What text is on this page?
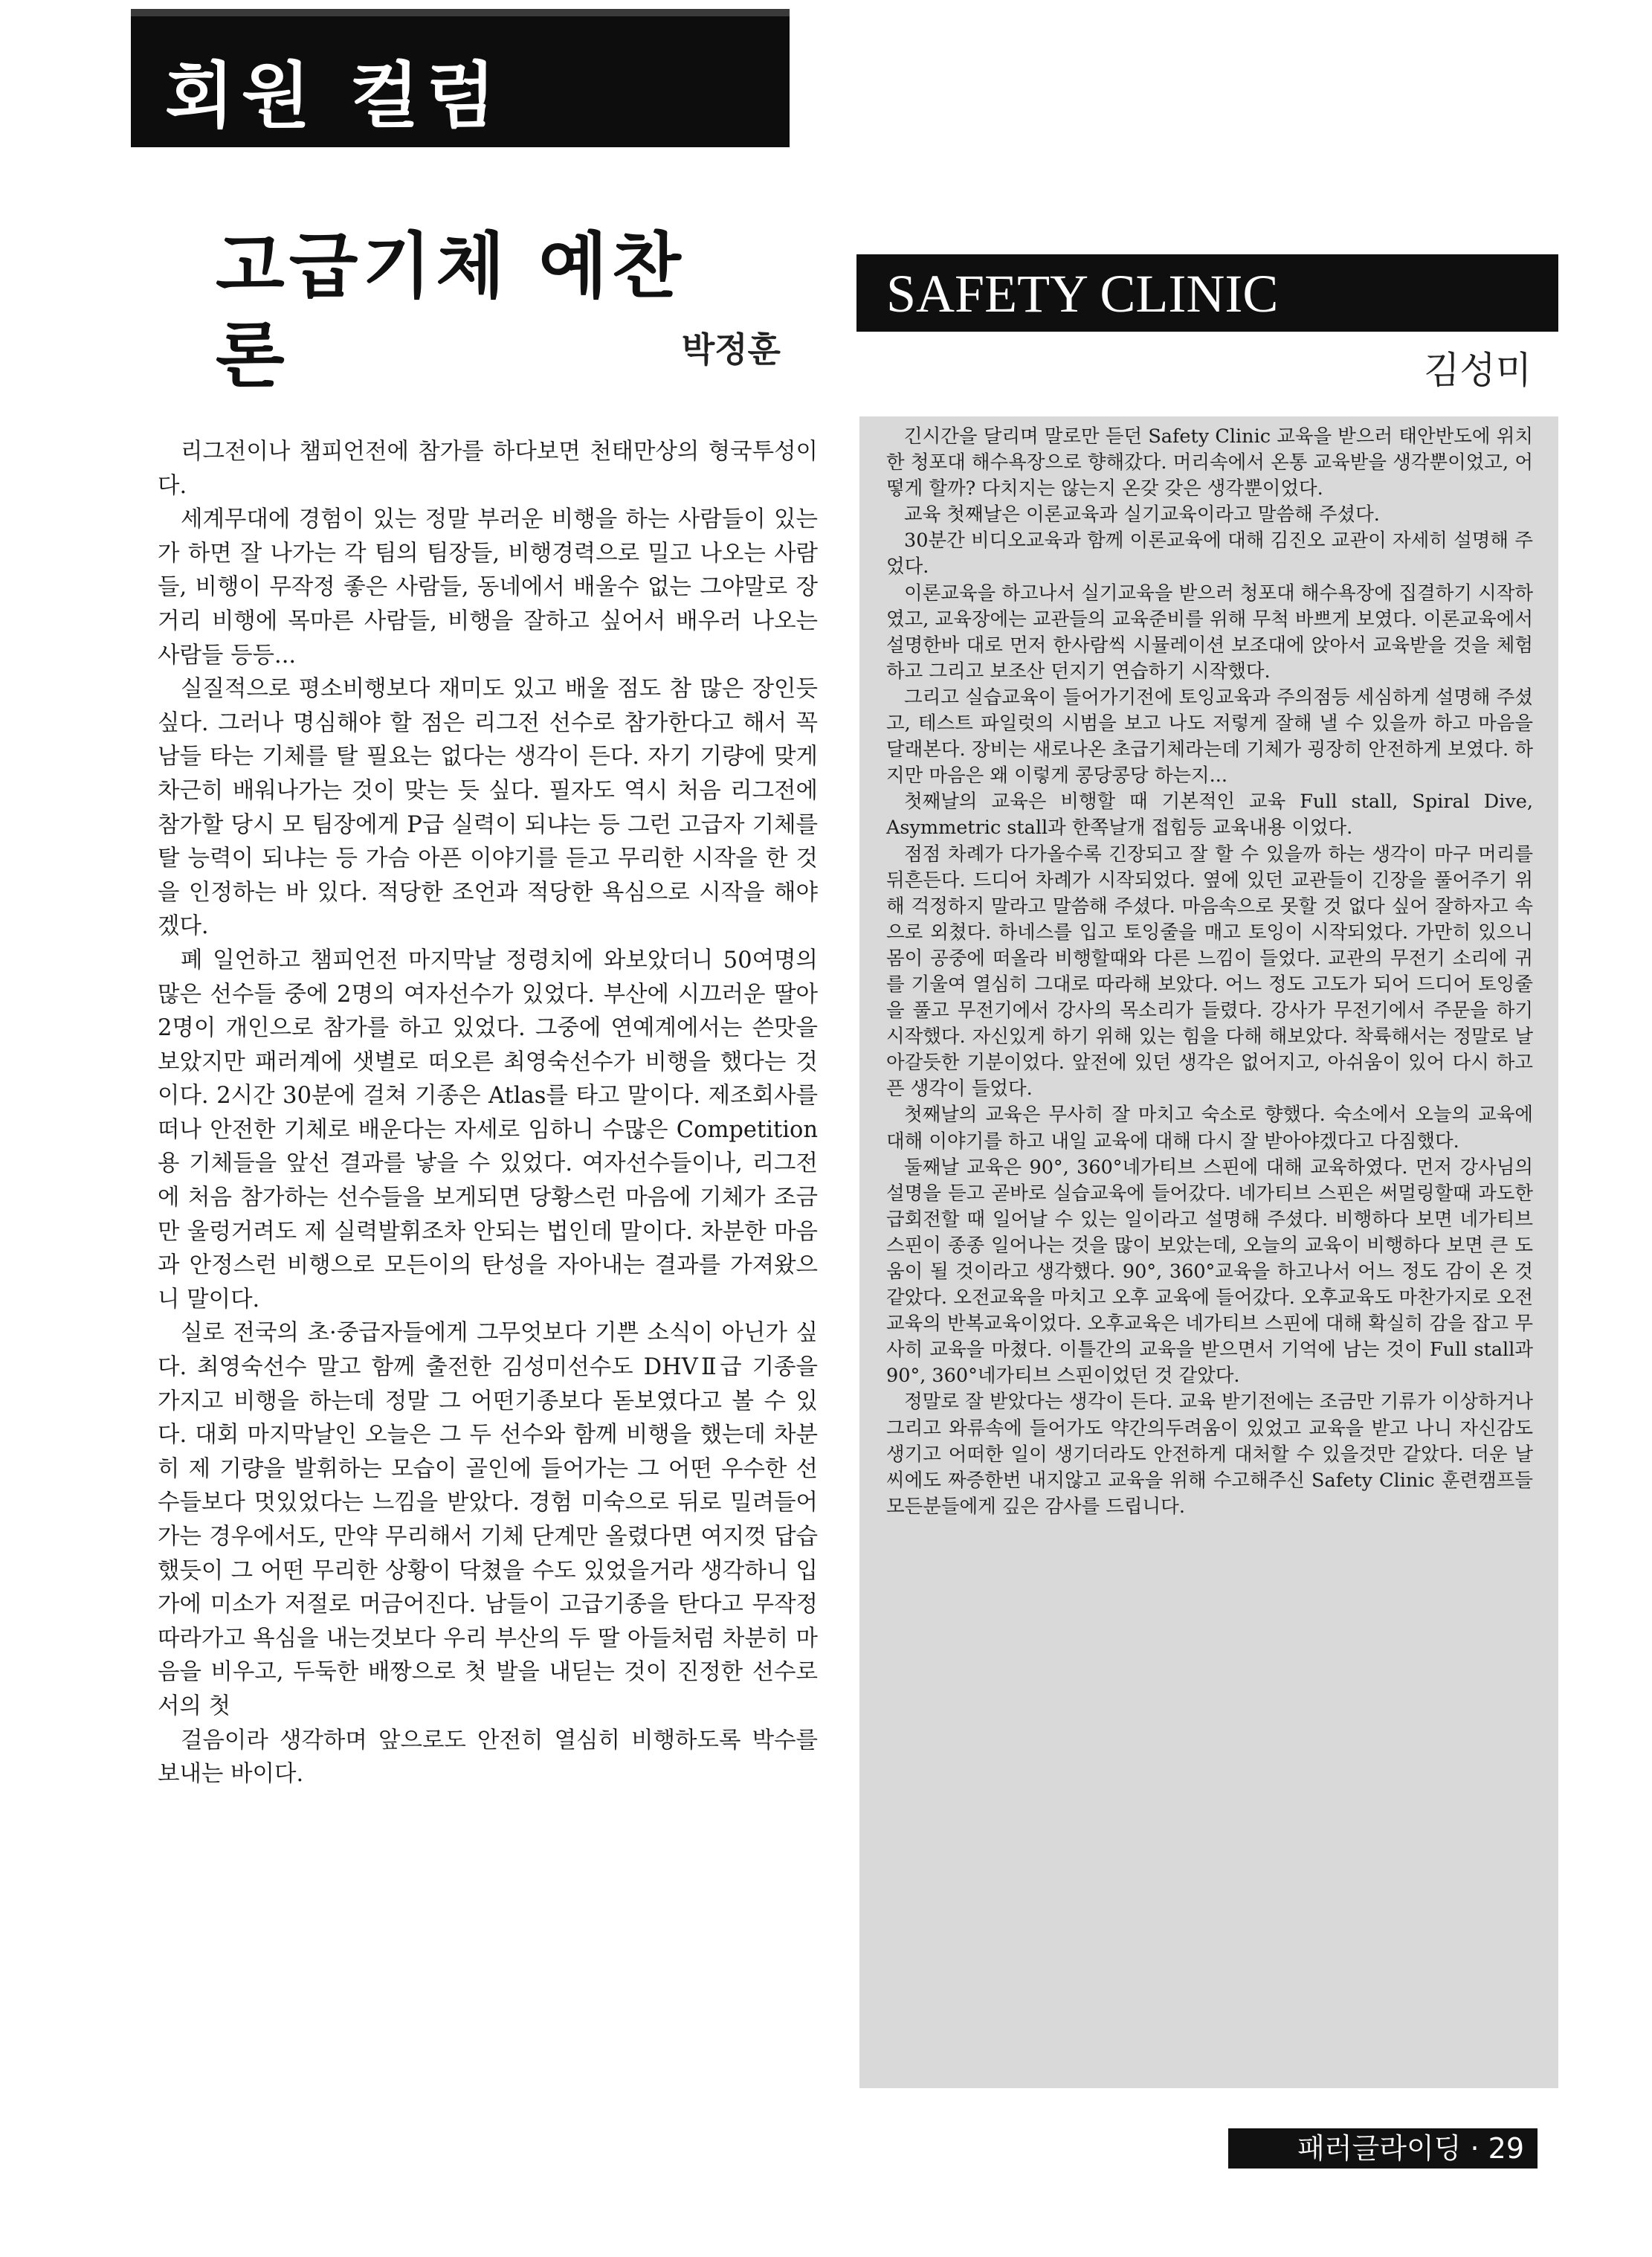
회원 컬럼
고급기체 예찬론	박정훈

리그전이나 챔피언전에 참가를 하다보면 천태만상의 형국투성이다.

세계무대에 경험이 있는 정말 부러운 비행을 하는 사람들이 있는가 하면 잘 나가는 각 팀의 팀장들, 비행경력으로 밀고 나오는 사람들, 비행이 무작정 좋은 사람들, 동네에서 배울수 없는 그야말로 장거리 비행에 목마른 사람들, 비행을 잘하고 싶어서 배우러 나오는 사람들 등등...

실질적으로 평소비행보다 재미도 있고 배울 점도 참 많은 장인듯 싶다. 그러나 명심해야 할 점은 리그전 선수로 참가한다고 해서 꼭 남들 타는 기체를 탈 필요는 없다는 생각이 든다. 자기 기량에 맞게 차근히 배워나가는 것이 맞는 듯 싶다. 필자도 역시 처음 리그전에 참가할 당시 모 팀장에게 P급 실력이 되냐는 등 그런 고급자 기체를 탈 능력이 되냐는 등 가슴 아픈 이야기를 듣고 무리한 시작을 한 것을 인정하는 바 있다. 적당한 조언과 적당한 욕심으로 시작을 해야겠다.

폐 일언하고 챔피언전 마지막날 정령치에 와보았더니 50여명의 많은 선수들 중에 2명의 여자선수가 있었다. 부산에 시끄러운 딸아 2명이 개인으로 참가를 하고 있었다. 그중에 연예계에서는 쓴맛을 보았지만 패러계에 샛별로 떠오른 최영숙선수가 비행을 했다는 것이다. 2시간 30분에 걸쳐 기종은 Atlas를 타고 말이다. 제조회사를 떠나 안전한 기체로 배운다는 자세로 임하니 수많은 Competition용 기체들을 앞선 결과를 낳을 수 있었다. 여자선수들이나, 리그전에 처음 참가하는 선수들을 보게되면 당황스런 마음에 기체가 조금만 울렁거려도 제 실력발휘조차 안되는 법인데 말이다. 차분한 마음과 안정스런 비행으로 모든이의 탄성을 자아내는 결과를 가져왔으니 말이다.

실로 전국의 초·중급자들에게 그무엇보다 기쁜 소식이 아닌가 싶다. 최영숙선수 말고 함께 출전한 김성미선수도 DHVⅡ급 기종을 가지고 비행을 하는데 정말 그 어떤기종보다 돋보였다고 볼 수 있다. 대회 마지막날인 오늘은 그 두 선수와 함께 비행을 했는데 차분히 제 기량을 발휘하는 모습이 골인에 들어가는 그 어떤 우수한 선수들보다 멋있었다는 느낌을 받았다. 경험 미숙으로 뒤로 밀려들어가는 경우에서도, 만약 무리해서 기체 단계만 올렸다면 여지껏 답습했듯이 그 어떤 무리한 상황이 닥쳤을 수도 있었을거라 생각하니 입가에 미소가 저절로 머금어진다. 남들이 고급기종을 탄다고 무작정 따라가고 욕심을 내는것보다 우리 부산의 두 딸 아들처럼 차분히 마음을 비우고, 두둑한 배짱으로 첫 발을 내딛는 것이 진정한 선수로서의 첫

걸음이라 생각하며 앞으로도 안전히 열심히 비행하도록 박수를 보내는 바이다.

SAFETY CLINIC
김성미

긴시간을 달리며 말로만 듣던 Safety Clinic 교육을 받으러 태안반도에 위치한 청포대 해수욕장으로 향해갔다. 머리속에서 온통 교육받을 생각뿐이었고, 어떻게 할까? 다치지는 않는지 온갖 갖은 생각뿐이었다.

교육 첫째날은 이론교육과 실기교육이라고 말씀해 주셨다.

30분간 비디오교육과 함께 이론교육에 대해 김진오 교관이 자세히 설명해 주었다.

이론교육을 하고나서 실기교육을 받으러 청포대 해수욕장에 집결하기 시작하였고, 교육장에는 교관들의 교육준비를 위해 무척 바쁘게 보였다. 이론교육에서 설명한바 대로 먼저 한사람씩 시뮬레이션 보조대에 앉아서 교육받을 것을 체험하고 그리고 보조산 던지기 연습하기 시작했다.

그리고 실습교육이 들어가기전에 토잉교육과 주의점등 세심하게 설명해 주셨고, 테스트 파일럿의 시범을 보고 나도 저렇게 잘해 낼 수 있을까 하고 마음을 달래본다. 장비는 새로나온 초급기체라는데 기체가 굉장히 안전하게 보였다. 하지만 마음은 왜 이렇게 콩당콩당 하는지...

첫째날의 교육은 비행할 때 기본적인 교육 Full stall, Spiral Dive, Asymmetric stall과 한쪽날개 접힘등 교육내용 이었다.

점점 차례가 다가올수록 긴장되고 잘 할 수 있을까 하는 생각이 마구 머리를 뒤흔든다. 드디어 차례가 시작되었다. 옆에 있던 교관들이 긴장을 풀어주기 위해 걱정하지 말라고 말씀해 주셨다. 마음속으로 못할 것 없다 싶어 잘하자고 속으로 외쳤다. 하네스를 입고 토잉줄을 매고 토잉이 시작되었다. 가만히 있으니 몸이 공중에 떠올라 비행할때와 다른 느낌이 들었다. 교관의 무전기 소리에 귀를 기울여 열심히 그대로 따라해 보았다. 어느 정도 고도가 되어 드디어 토잉줄을 풀고 무전기에서 강사의 목소리가 들렸다. 강사가 무전기에서 주문을 하기 시작했다. 자신있게 하기 위해 있는 힘을 다해 해보았다. 착륙해서는 정말로 날아갈듯한 기분이었다. 앞전에 있던 생각은 없어지고, 아쉬움이 있어 다시 하고픈 생각이 들었다.

첫째날의 교육은 무사히 잘 마치고 숙소로 향했다. 숙소에서 오늘의 교육에 대해 이야기를 하고 내일 교육에 대해 다시 잘 받아야겠다고 다짐했다.

둘째날 교육은 90°, 360°네가티브 스핀에 대해 교육하였다. 먼저 강사님의 설명을 듣고 곧바로 실습교육에 들어갔다. 네가티브 스핀은 써멀링할때 과도한 급회전할 때 일어날 수 있는 일이라고 설명해 주셨다. 비행하다 보면 네가티브 스핀이 종종 일어나는 것을 많이 보았는데, 오늘의 교육이 비행하다 보면 큰 도움이 될 것이라고 생각했다. 90°, 360°교육을 하고나서 어느 정도 감이 온 것 같았다. 오전교육을 마치고 오후 교육에 들어갔다. 오후교육도 마찬가지로 오전교육의 반복교육이었다. 오후교육은 네가티브 스핀에 대해 확실히 감을 잡고 무사히 교육을 마쳤다. 이틀간의 교육을 받으면서 기억에 남는 것이 Full stall과 90°, 360°네가티브 스핀이었던 것 같았다.

정말로 잘 받았다는 생각이 든다. 교육 받기전에는 조금만 기류가 이상하거나 그리고 와류속에 들어가도 약간의두려움이 있었고 교육을 받고 나니 자신감도 생기고 어떠한 일이 생기더라도 안전하게 대처할 수 있을것만 같았다. 더운 날씨에도 짜증한번 내지않고 교육을 위해 수고해주신 Safety Clinic 훈련캠프들 모든분들에게 깊은 감사를 드립니다.

패러글라이딩 · 29
